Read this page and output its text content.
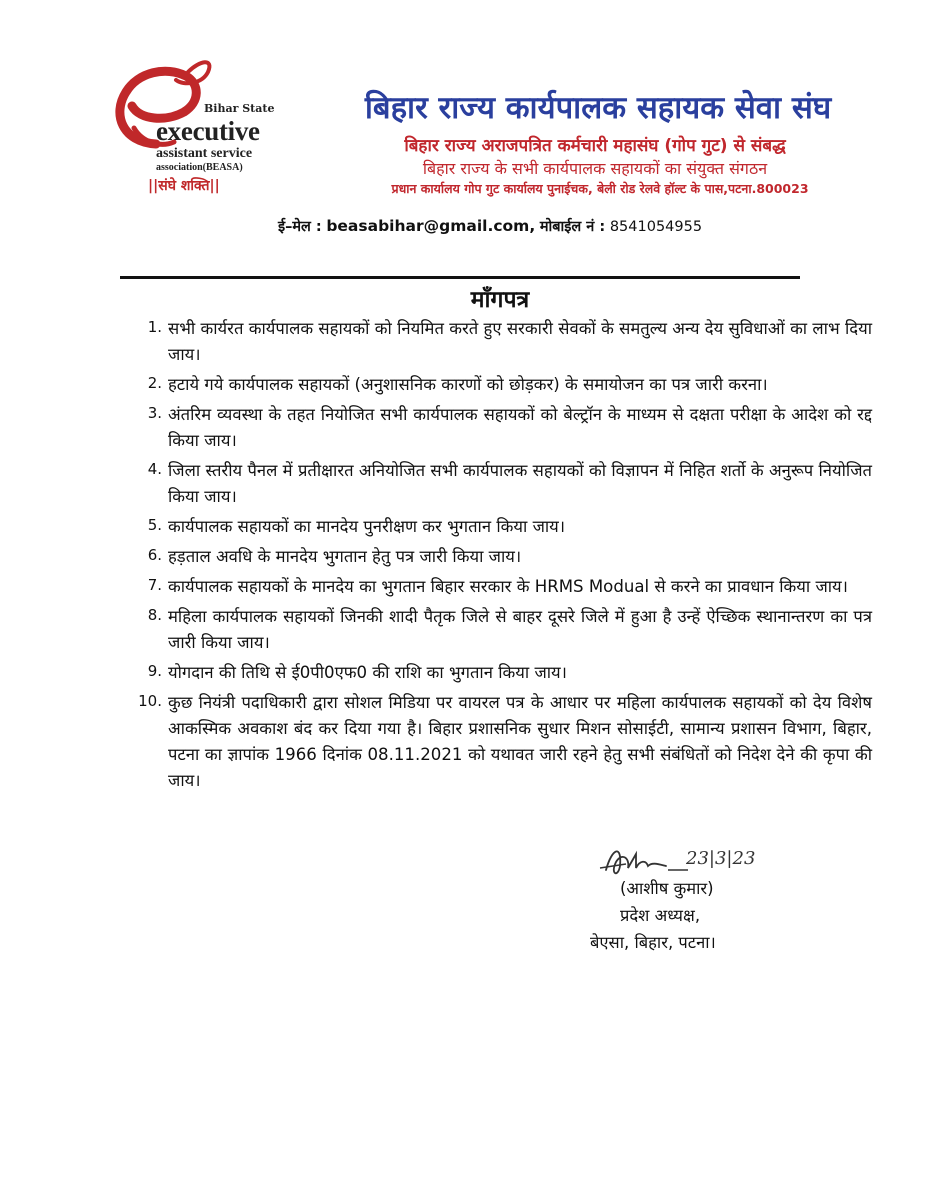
Bihar State
executive
assistant service
association(BEASA)
||संघे शक्ति||
बिहार राज्य कार्यपालक सहायक सेवा संघ
बिहार राज्य अराजपत्रित कर्मचारी महासंघ (गोप गुट) से संबद्ध
बिहार राज्य के सभी कार्यपालक सहायकों का संयुक्त संगठन
प्रधान कार्यालय गोप गुट कार्यालय पुनाईचक, बेली रोड रेलवे हॉल्ट के पास,पटना.800023
ई–मेल : beasabihar@gmail.com, मोबाईल नं : 8541054955
माँगपत्र
1. सभी कार्यरत कार्यपालक सहायकों को नियमित करते हुए सरकारी सेवकों के समतुल्य अन्य देय सुविधाओं का लाभ दिया जाय।
2. हटाये गये कार्यपालक सहायकों (अनुशासनिक कारणों को छोड़कर) के समायोजन का पत्र जारी करना।
3. अंतरिम व्यवस्था के तहत नियोजित सभी कार्यपालक सहायकों को बेल्ट्रॉन के माध्यम से दक्षता परीक्षा के आदेश को रद्द किया जाय।
4. जिला स्तरीय पैनल में प्रतीक्षारत अनियोजित सभी कार्यपालक सहायकों को विज्ञापन में निहित शर्तो के अनुरूप नियोजित किया जाय।
5. कार्यपालक सहायकों का मानदेय पुनरीक्षण कर भुगतान किया जाय।
6. हड़ताल अवधि के मानदेय भुगतान हेतु पत्र जारी किया जाय।
7. कार्यपालक सहायकों के मानदेय का भुगतान बिहार सरकार के HRMS Modual से करने का प्रावधान किया जाय।
8. महिला कार्यपालक सहायकों जिनकी शादी पैतृक जिले से बाहर दूसरे जिले में हुआ है उन्हें ऐच्छिक स्थानान्तरण का पत्र जारी किया जाय।
9. योगदान की तिथि से ई0पी0एफ0 की राशि का भुगतान किया जाय।
10. कुछ नियंत्री पदाधिकारी द्वारा सोशल मिडिया पर वायरल पत्र के आधार पर महिला कार्यपालक सहायकों को देय विशेष आकस्मिक अवकाश बंद कर दिया गया है। बिहार प्रशासनिक सुधार मिशन सोसाईटी, सामान्य प्रशासन विभाग, बिहार, पटना का ज्ञापांक 1966 दिनांक 08.11.2021 को यथावत जारी रहने हेतु सभी संबंधितों को निदेश देने की कृपा की जाय।
23|3|23
(आशीष कुमार)
प्रदेश अध्यक्ष,
बेएसा, बिहार, पटना।
